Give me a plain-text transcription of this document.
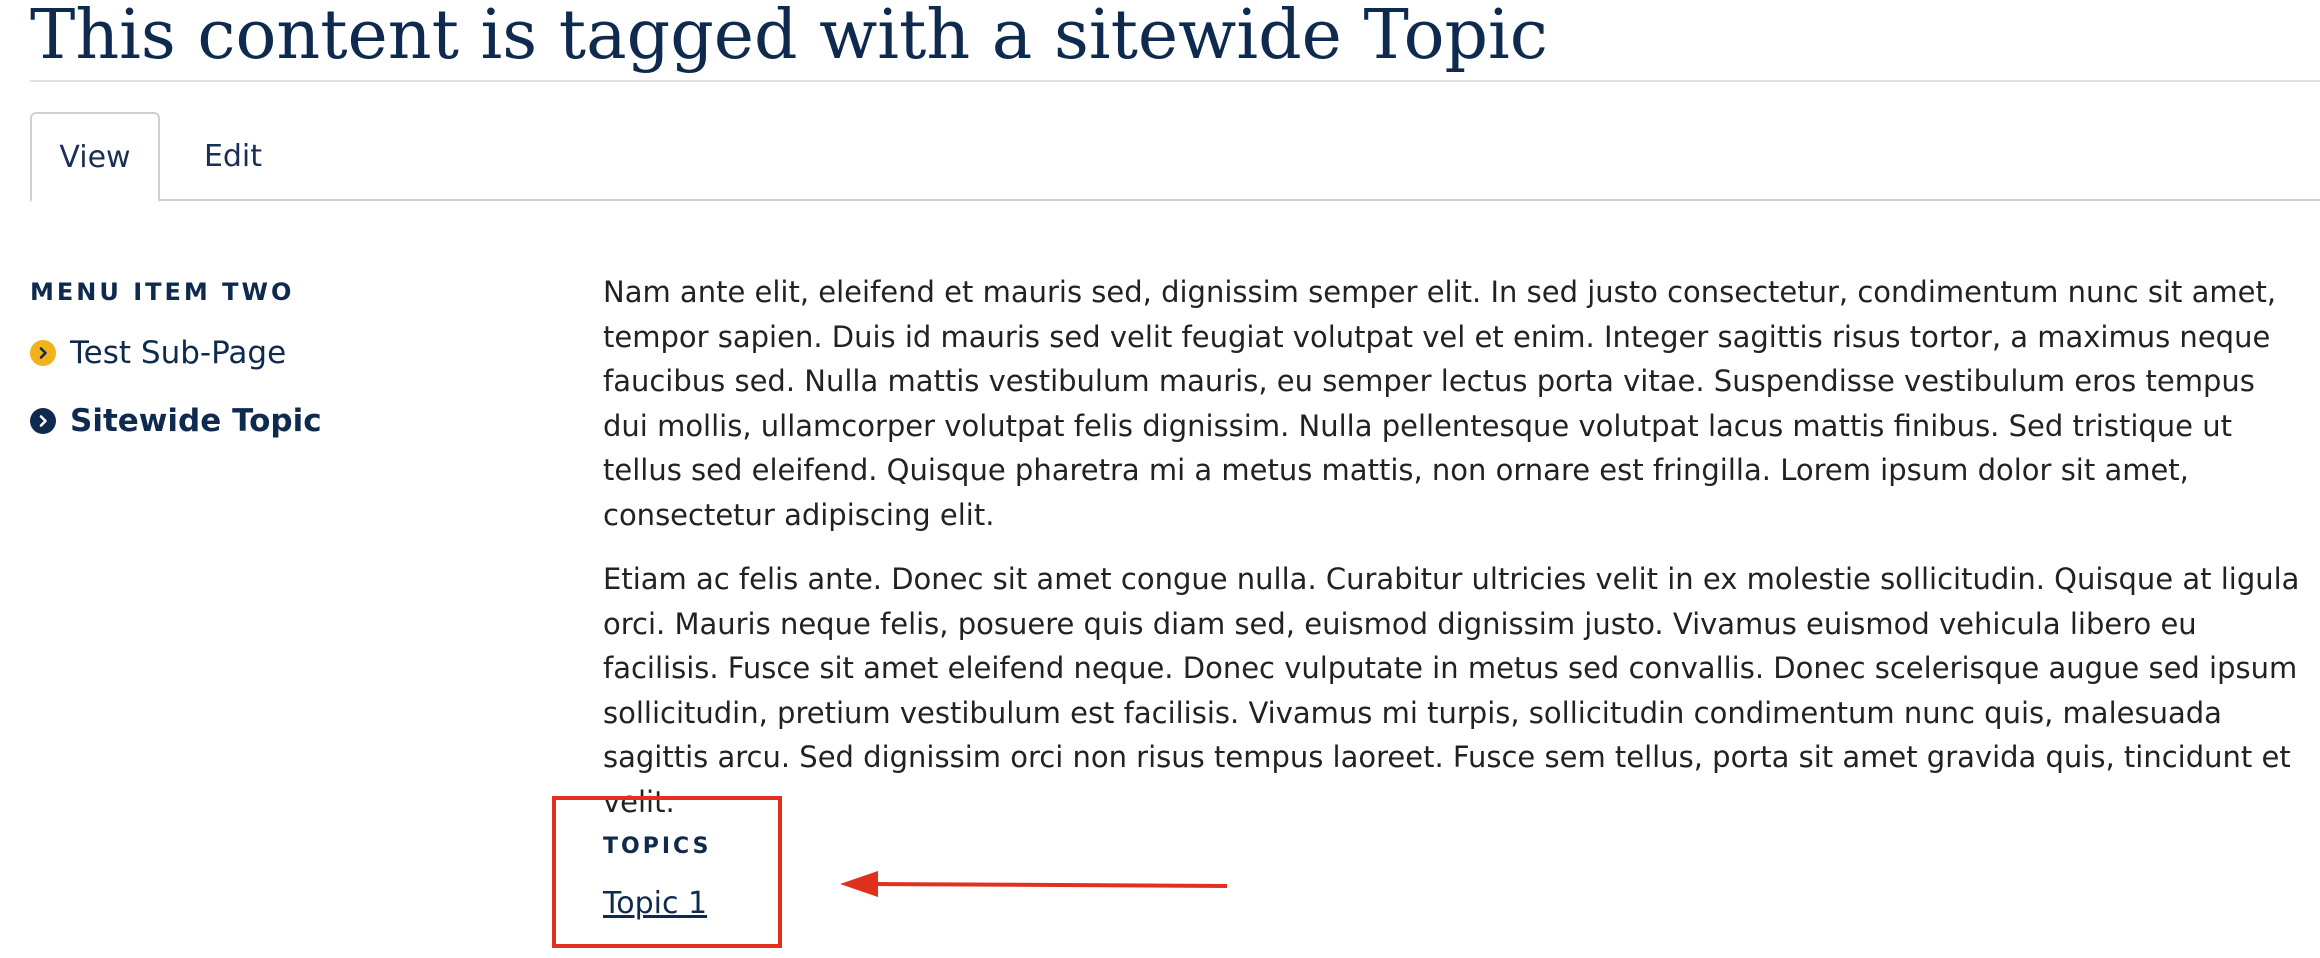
This content is tagged with a sitewide Topic
View	Edit
MENU ITEM TWO
Test Sub-Page
Sitewide Topic

Nam ante elit, eleifend et mauris sed, dignissim semper elit. In sed justo consectetur, condimentum nunc sit amet, tempor sapien. Duis id mauris sed velit feugiat volutpat vel et enim. Integer sagittis risus tortor, a maximus neque faucibus sed. Nulla mattis vestibulum mauris, eu semper lectus porta vitae. Suspendisse vestibulum eros tempus dui mollis, ullamcorper volutpat felis dignissim. Nulla pellentesque volutpat lacus mattis finibus. Sed tristique ut tellus sed eleifend. Quisque pharetra mi a metus mattis, non ornare est fringilla. Lorem ipsum dolor sit amet, consectetur adipiscing elit.

Etiam ac felis ante. Donec sit amet congue nulla. Curabitur ultricies velit in ex molestie sollicitudin. Quisque at ligula orci. Mauris neque felis, posuere quis diam sed, euismod dignissim justo. Vivamus euismod vehicula libero eu facilisis. Fusce sit amet eleifend neque. Donec vulputate in metus sed convallis. Donec scelerisque augue sed ipsum sollicitudin, pretium vestibulum est facilisis. Vivamus mi turpis, sollicitudin condimentum nunc quis, malesuada sagittis arcu. Sed dignissim orci non risus tempus laoreet. Fusce sem tellus, porta sit amet gravida quis, tincidunt et velit.

TOPICS
Topic 1
